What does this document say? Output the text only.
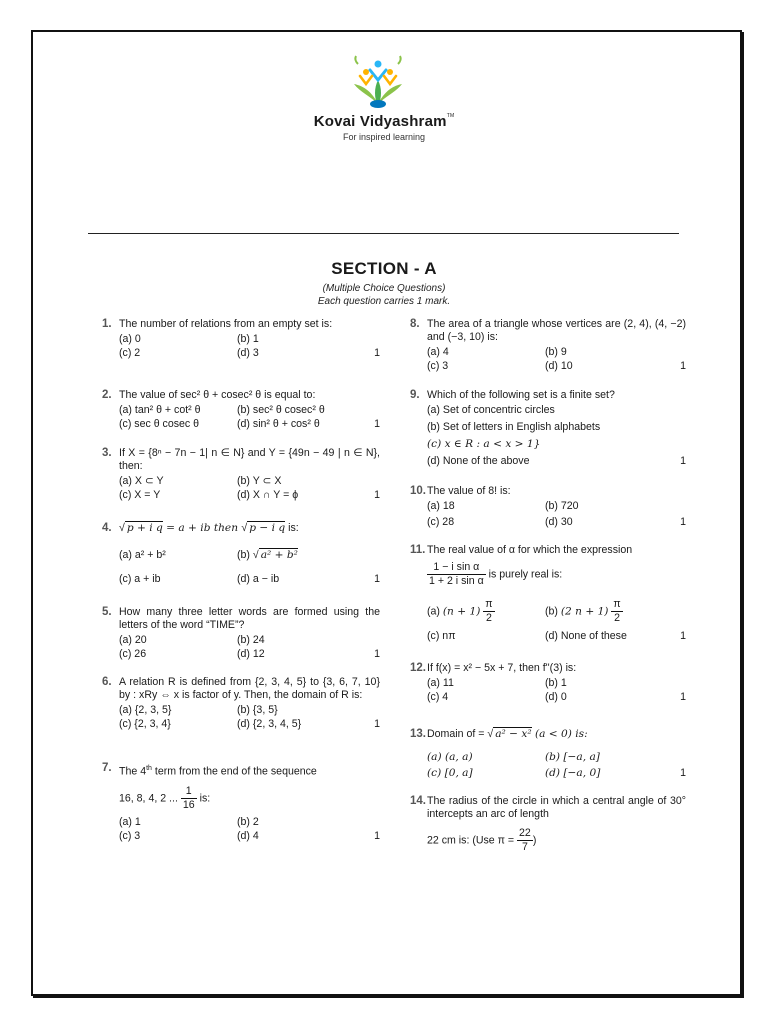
Kovai Vidyashram™
For inspired learning
SECTION - A
(Multiple Choice Questions)
Each question carries 1 mark.
1. The number of relations from an empty set is:
(a) 0	(b) 1
(c) 2	(d) 3	1
2. The value of sec² θ + cosec² θ is equal to:
(a) tan² θ + cot² θ	(b) sec² θ cosec² θ
(c) sec θ cosec θ	(d) sin² θ + cos² θ	1
3. If X = {8ⁿ − 7n − 1| n ∈ N} and Y = {49n − 49 | n ∈ N}, then:
(a) X ⊂ Y	(b) Y ⊂ X
(c) X = Y	(d) X ∩ Y = ϕ	1
4. √ p + i q = a + ib then √ p − i q is:
(a) a² + b²	(b) √ a² + b²
(c) a + ib	(d) a − ib	1
5. How many three letter words are formed using the letters of the word “TIME”?
(a) 20	(b) 24
(c) 26	(d) 12	1
6. A relation R is defined from {2, 3, 4, 5} to {3, 6, 7, 10} by : xRy ⇔ x is factor of y. Then, the domain of R is:
(a) {2, 3, 5}	(b) {3, 5}
(c) {2, 3, 4}	(d) {2, 3, 4, 5}	1
7. The 4th term from the end of the sequence
16, 8, 4, 2 ... $\frac{1}{16}$ is:
(a) 1	(b) 2
(c) 3	(d) 4	1
8. The area of a triangle whose vertices are (2, 4), (4, −2) and (−3, 10) is:
(a) 4	(b) 9
(c) 3	(d) 10	1
9. Which of the following set is a finite set?
(a) Set of concentric circles
(b) Set of letters in English alphabets
(c) x ∈ R : a < x > 1}
(d) None of the above	1
10. The value of 8! is:
(a) 18	(b) 720
(c) 28	(d) 30	1
11. The real value of α for which the expression
$\frac{\text{1 − i sin α}}{\text{1 + 2 i sin α}}$ is purely real is:
(a) $(n + 1) \frac{\pi}{2}$	(b) (2 $n + 1) \frac{\pi}{2}$
(c) nπ	(d) None of these	1
12. If f(x) = x² − 5x + 7, then f''(3) is:
(a) 11	(b) 1
(c) 4	(d) 0	1
13. Domain of = √ a² − x² (a < 0) is:
(a) (a, a)	(b) [−a, a]
(c) [0, a]	(d) [−a, 0]	1
14. The radius of the circle in which a central angle of 30° intercepts an arc of length
22 cm is: (Use $\pi = \frac{22}{7}$ )
